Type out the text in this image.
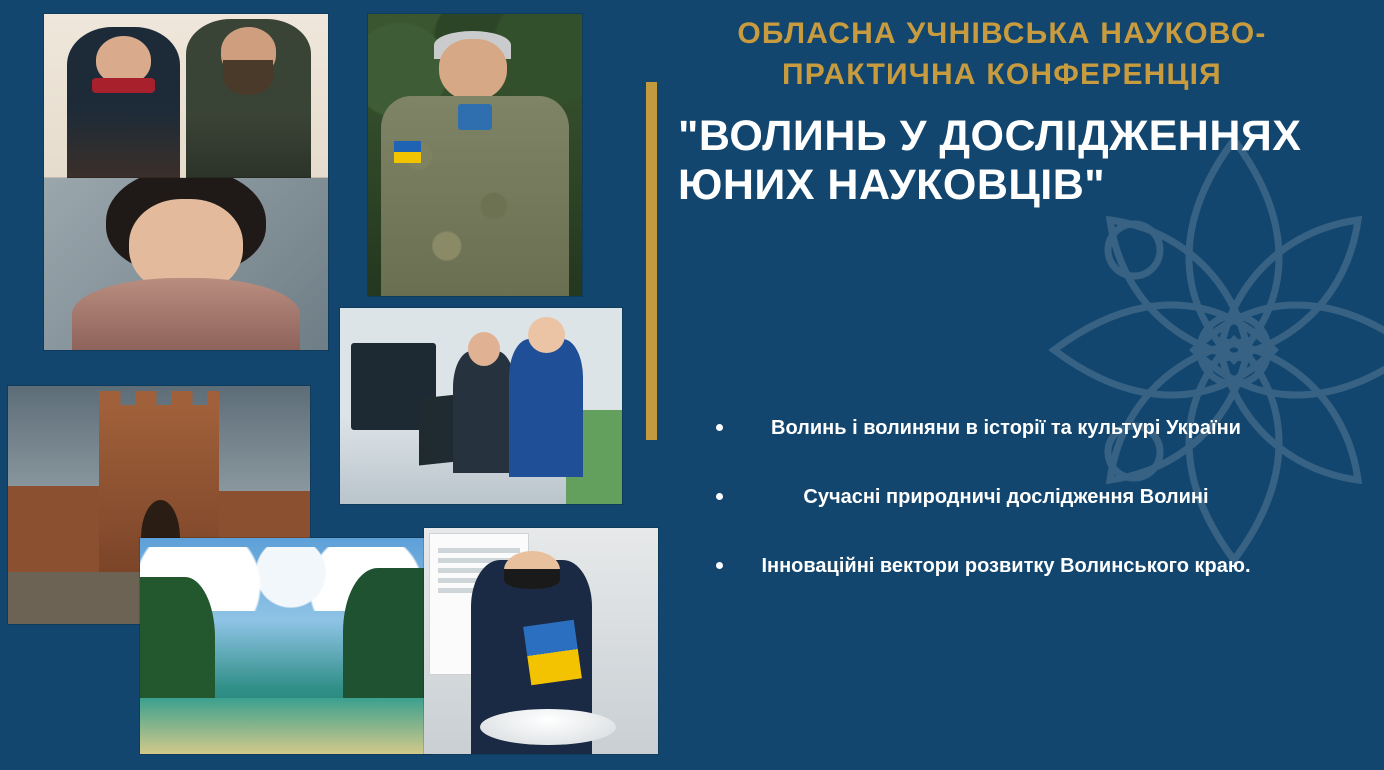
ОБЛАСНА УЧНІВСЬКА НАУКОВО-ПРАКТИЧНА КОНФЕРЕНЦІЯ

"ВОЛИНЬ У ДОСЛІДЖЕННЯХ ЮНИХ НАУКОВЦІВ"
Волинь і волиняни в історії та культурі України
Сучасні природничі дослідження Волині
Інноваційні вектори розвитку Волинського краю.
